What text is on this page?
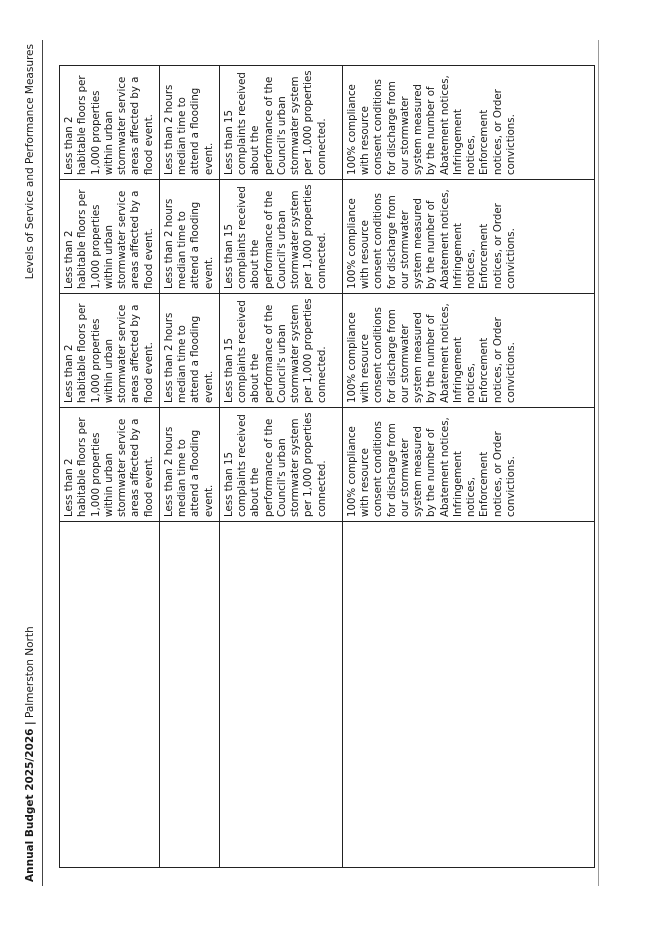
Annual Budget 2025/2026 | Palmerston North
Levels of Service and Performance Measures
	Less than 2 habitable floors per 1,000 properties within urban stormwater service areas affected by a flood event.	Less than 2 habitable floors per 1,000 properties within urban stormwater service areas affected by a flood event.	Less than 2 habitable floors per 1,000 properties within urban stormwater service areas affected by a flood event.	Less than 2 habitable floors per 1,000 properties within urban stormwater service areas affected by a flood event.
	Less than 2 hours median time to attend a flooding event.	Less than 2 hours median time to attend a flooding event.	Less than 2 hours median time to attend a flooding event.	Less than 2 hours median time to attend a flooding event.
	Less than 15 complaints received about the performance of the Council's urban stormwater system per 1,000 properties connected.	Less than 15 complaints received about the performance of the Council's urban stormwater system per 1,000 properties connected.	Less than 15 complaints received about the performance of the Council's urban stormwater system per 1,000 properties connected.	Less than 15 complaints received about the performance of the Council's urban stormwater system per 1,000 properties connected.
	100% compliance with resource consent conditions for discharge from our stormwater system measured by the number of Abatement notices, Infringement notices, Enforcement notices, or Order convictions.	100% compliance with resource consent conditions for discharge from our stormwater system measured by the number of Abatement notices, Infringement notices, Enforcement notices, or Order convictions.	100% compliance with resource consent conditions for discharge from our stormwater system measured by the number of Abatement notices, Infringement notices, Enforcement notices, or Order convictions.	100% compliance with resource consent conditions for discharge from our stormwater system measured by the number of Abatement notices, Infringement notices, Enforcement notices, or Order convictions.
